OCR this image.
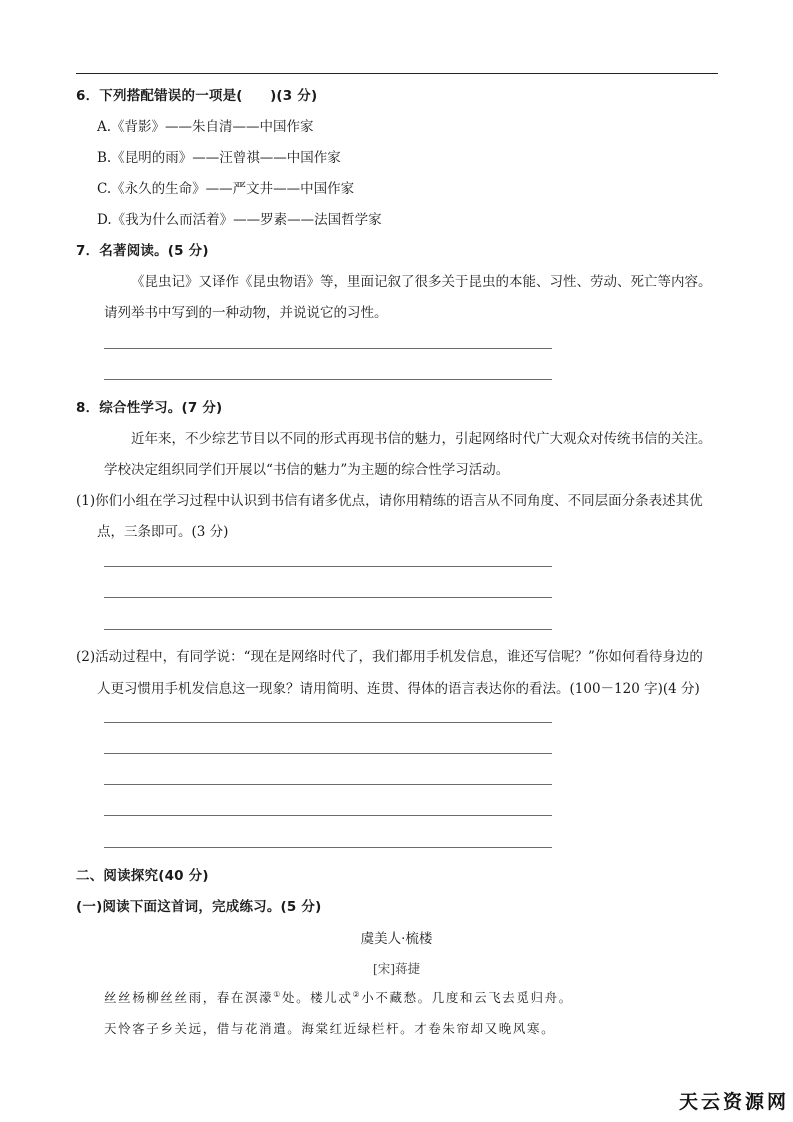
6．下列搭配错误的一项是(　　)(3 分)
A.《背影》——朱自清——中国作家
B.《昆明的雨》——汪曾祺——中国作家
C.《永久的生命》——严文井——中国作家
D.《我为什么而活着》——罗素——法国哲学家
7．名著阅读。(5 分)
《昆虫记》又译作《昆虫物语》等，里面记叙了很多关于昆虫的本能、习性、劳动、死亡等内容。
请列举书中写到的一种动物，并说说它的习性。
8．综合性学习。(7 分)
近年来，不少综艺节目以不同的形式再现书信的魅力，引起网络时代广大观众对传统书信的关注。
学校决定组织同学们开展以“书信的魅力”为主题的综合性学习活动。
(1)你们小组在学习过程中认识到书信有诸多优点，请你用精练的语言从不同角度、不同层面分条表述其优
点，三条即可。(3 分)
(2)活动过程中，有同学说：“现在是网络时代了，我们都用手机发信息，谁还写信呢？”你如何看待身边的
人更习惯用手机发信息这一现象？请用简明、连贯、得体的语言表达你的看法。(100－120 字)(4 分)
二、阅读探究(40 分)
(一)阅读下面这首词，完成练习。(5 分)
虞美人·梳楼
[宋]蒋捷
丝丝杨柳丝丝雨，春在溟濛①处。楼儿忒②小不藏愁。几度和云飞去觅归舟。
天怜客子乡关远，借与花消遣。海棠红近绿栏杆。才卷朱帘却又晚风寒。
天云资源网
